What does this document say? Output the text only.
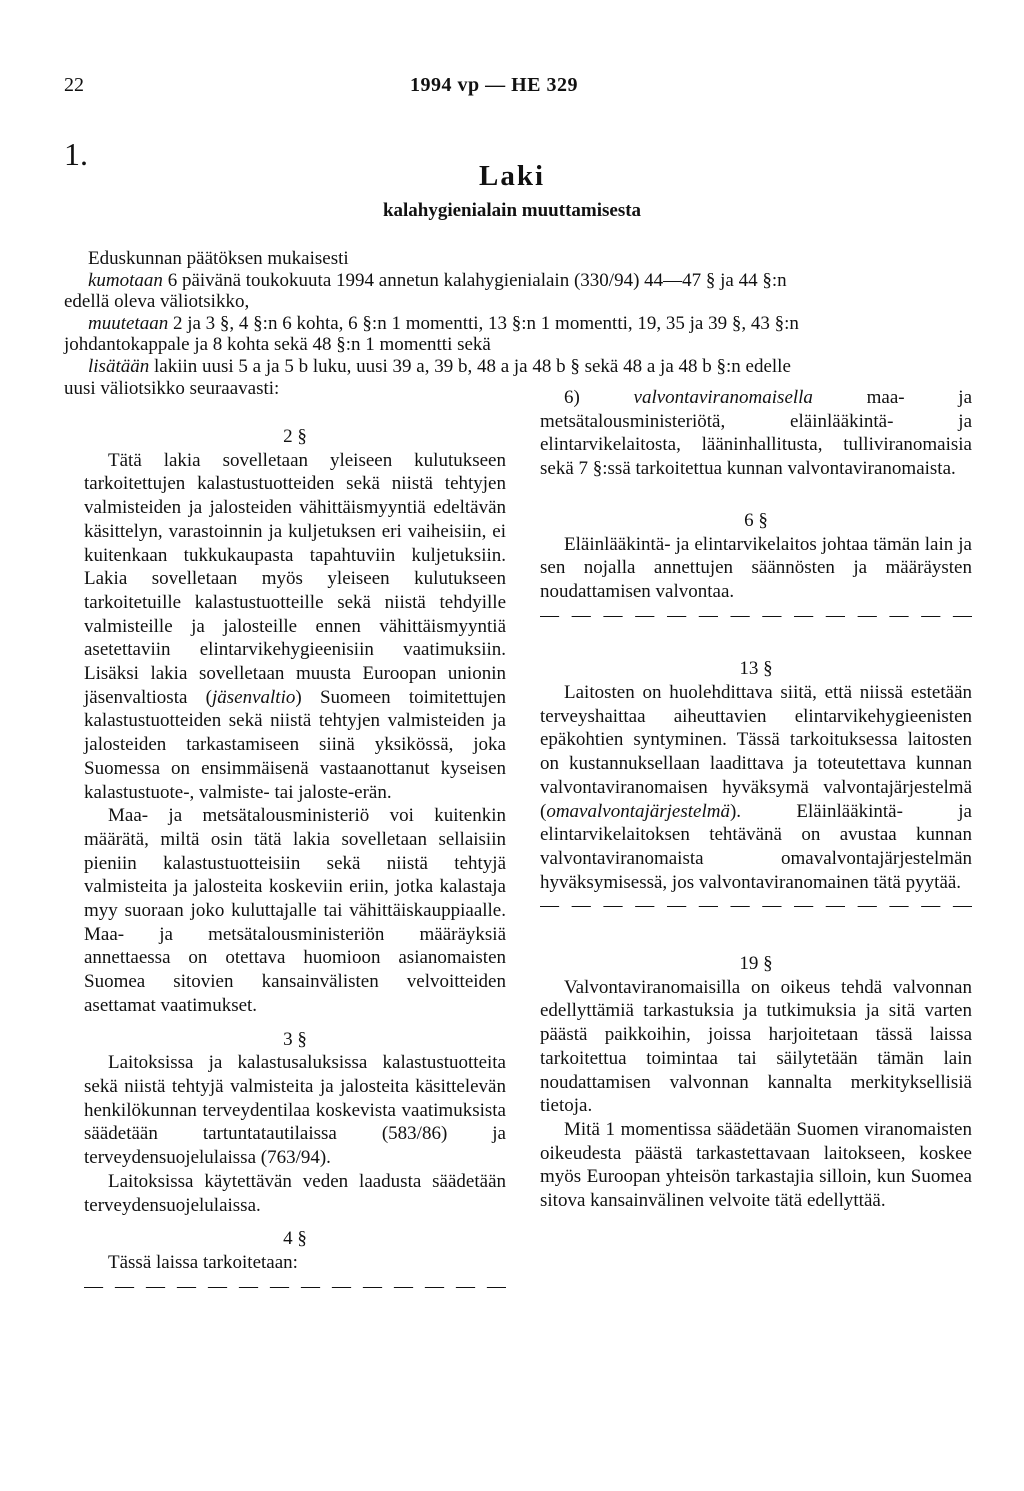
22	1994 vp — HE 329
1.
Laki
kalahygienialain muuttamisesta
Eduskunnan päätöksen mukaisesti
kumotaan 6 päivänä toukokuuta 1994 annetun kalahygienialain (330/94) 44—47 § ja 44 §:n
edellä oleva väliotsikko,
muutetaan 2 ja 3 §, 4 §:n 6 kohta, 6 §:n 1 momentti, 13 §:n 1 momentti, 19, 35 ja 39 §, 43 §:n
johdantokappale ja 8 kohta sekä 48 §:n 1 momentti sekä
lisätään lakiin uusi 5 a ja 5 b luku, uusi 39 a, 39 b, 48 a ja 48 b § sekä 48 a ja 48 b §:n edelle
uusi väliotsikko seuraavasti:

2 §

Tätä lakia sovelletaan yleiseen kulutukseen tarkoitettujen kalastustuotteiden sekä niistä tehtyjen valmisteiden ja jalosteiden vähittäismyyntiä edeltävän käsittelyn, varastoinnin ja kuljetuksen eri vaiheisiin, ei kuitenkaan tukkukaupasta tapahtuviin kuljetuksiin. Lakia sovelletaan myös yleiseen kulutukseen tarkoitetuille kalastustuotteille sekä niistä tehdyille valmisteille ja jalosteille ennen vähittäismyyntiä asetettaviin elintarvikehygieenisiin vaatimuksiin. Lisäksi lakia sovelletaan muusta Euroopan unionin jäsenvaltiosta (jäsenvaltio) Suomeen toimitettujen kalastustuotteiden sekä niistä tehtyjen valmisteiden ja jalosteiden tarkastamiseen siinä yksikössä, joka Suomessa on ensimmäisenä vastaanottanut kyseisen kalastustuote-, valmiste- tai jaloste-erän.

Maa- ja metsätalousministeriö voi kuitenkin määrätä, miltä osin tätä lakia sovelletaan sellaisiin pieniin kalastustuotteisiin sekä niistä tehtyjä valmisteita ja jalosteita koskeviin eriin, jotka kalastaja myy suoraan joko kuluttajalle tai vähittäiskauppiaalle. Maa- ja metsätalousministeriön määräyksiä annettaessa on otettava huomioon asianomaisten Suomea sitovien kansainvälisten velvoitteiden asettamat vaatimukset.

3 §

Laitoksissa ja kalastusaluksissa kalastustuotteita sekä niistä tehtyjä valmisteita ja jalosteita käsittelevän henkilökunnan terveydentilaa koskevista vaatimuksista säädetään tartuntatautilaissa (583/86) ja terveydensuojelulaissa (763/94).

Laitoksissa käytettävän veden laadusta säädetään terveydensuojelulaissa.

4 §

Tässä laissa tarkoitetaan:

— — — — — — — — — — — — — —

6) valvontaviranomaisella maa- ja metsätalousministeriötä, eläinlääkintä- ja elintarvikelaitosta, lääninhallitusta, tulliviranomaisia sekä 7 §:ssä tarkoitettua kunnan valvontaviranomaista.

6 §

Eläinlääkintä- ja elintarvikelaitos johtaa tämän lain ja sen nojalla annettujen säännösten ja määräysten noudattamisen valvontaa.

— — — — — — — — — — — — — —

13 §

Laitosten on huolehdittava siitä, että niissä estetään terveyshaittaa aiheuttavien elintarvikehygieenisten epäkohtien syntyminen. Tässä tarkoituksessa laitosten on kustannuksellaan laadittava ja toteutettava kunnan valvontaviranomaisen hyväksymä valvontajärjestelmä (omavalvontajärjestelmä). Eläinlääkintä- ja elintarvikelaitoksen tehtävänä on avustaa kunnan valvontaviranomaista omavalvontajärjestelmän hyväksymisessä, jos valvontaviranomainen tätä pyytää.

— — — — — — — — — — — — — —

19 §

Valvontaviranomaisilla on oikeus tehdä valvonnan edellyttämiä tarkastuksia ja tutkimuksia ja sitä varten päästä paikkoihin, joissa harjoitetaan tässä laissa tarkoitettua toimintaa tai säilytetään tämän lain noudattamisen valvonnan kannalta merkityksellisiä tietoja.

Mitä 1 momentissa säädetään Suomen viranomaisten oikeudesta päästä tarkastettavaan laitokseen, koskee myös Euroopan yhteisön tarkastajia silloin, kun Suomea sitova kansainvälinen velvoite tätä edellyttää.
